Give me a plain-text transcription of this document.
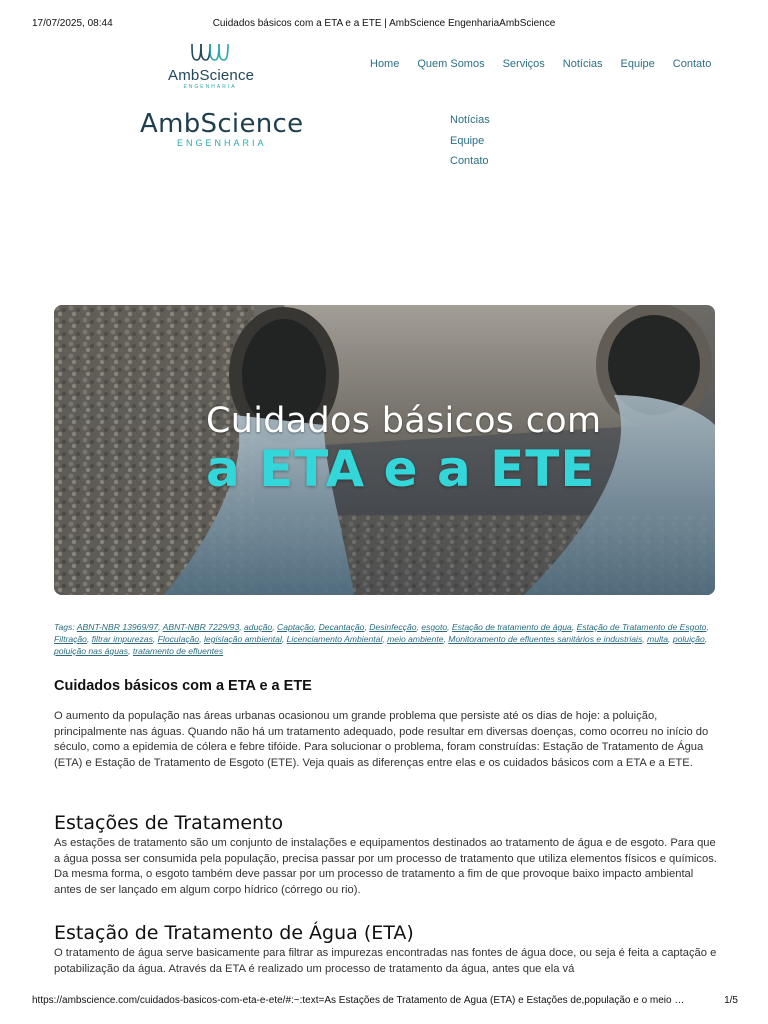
17/07/2025, 08:44	Cuidados básicos com a ETA e a ETE | AmbScience EngenhariaAmbScience
AmbScience
ENGENHARIA
Home Quem Somos Serviços Notícias Equipe Contato
AmbScience
ENGENHARIA
Notícias
Equipe
Contato
Cuidados básicos com
a ETA e a ETE
Tags: ABNT-NBR 13969/97, ABNT-NBR 7229/93, adução, Captação, Decantação, Desinfecção, esgoto, Estação de tratamento de água, Estação de Tratamento de Esgoto, Filtração, filtrar impurezas, Floculação, legislação ambiental, Licenciamento Ambiental, meio ambiente, Monitoramento de efluentes sanitários e industriais, multa, poluição, poluição nas águas, tratamento de efluentes
Cuidados básicos com a ETA e a ETE

O aumento da população nas áreas urbanas ocasionou um grande problema que persiste até os dias de hoje: a poluição, principalmente nas águas. Quando não há um tratamento adequado, pode resultar em diversas doenças, como ocorreu no início do século, como a epidemia de cólera e febre tifóide. Para solucionar o problema, foram construídas: Estação de Tratamento de Água (ETA) e Estação de Tratamento de Esgoto (ETE). Veja quais as diferenças entre elas e os cuidados básicos com a ETA e a ETE.

Estações de Tratamento

As estações de tratamento são um conjunto de instalações e equipamentos destinados ao tratamento de água e de esgoto. Para que a água possa ser consumida pela população, precisa passar por um processo de tratamento que utiliza elementos físicos e químicos. Da mesma forma, o esgoto também deve passar por um processo de tratamento a fim de que provoque baixo impacto ambiental antes de ser lançado em algum corpo hídrico (córrego ou rio).

Estação de Tratamento de Água (ETA)

O tratamento de água serve basicamente para filtrar as impurezas encontradas nas fontes de água doce, ou seja é feita a captação e potabilização da água. Através da ETA é realizado um processo de tratamento da água, antes que ela vá

https://ambscience.com/cuidados-basicos-com-eta-e-ete/#:~:text=As Estações de Tratamento de Água (ETA) e Estações de,população e o meio …	1/5
